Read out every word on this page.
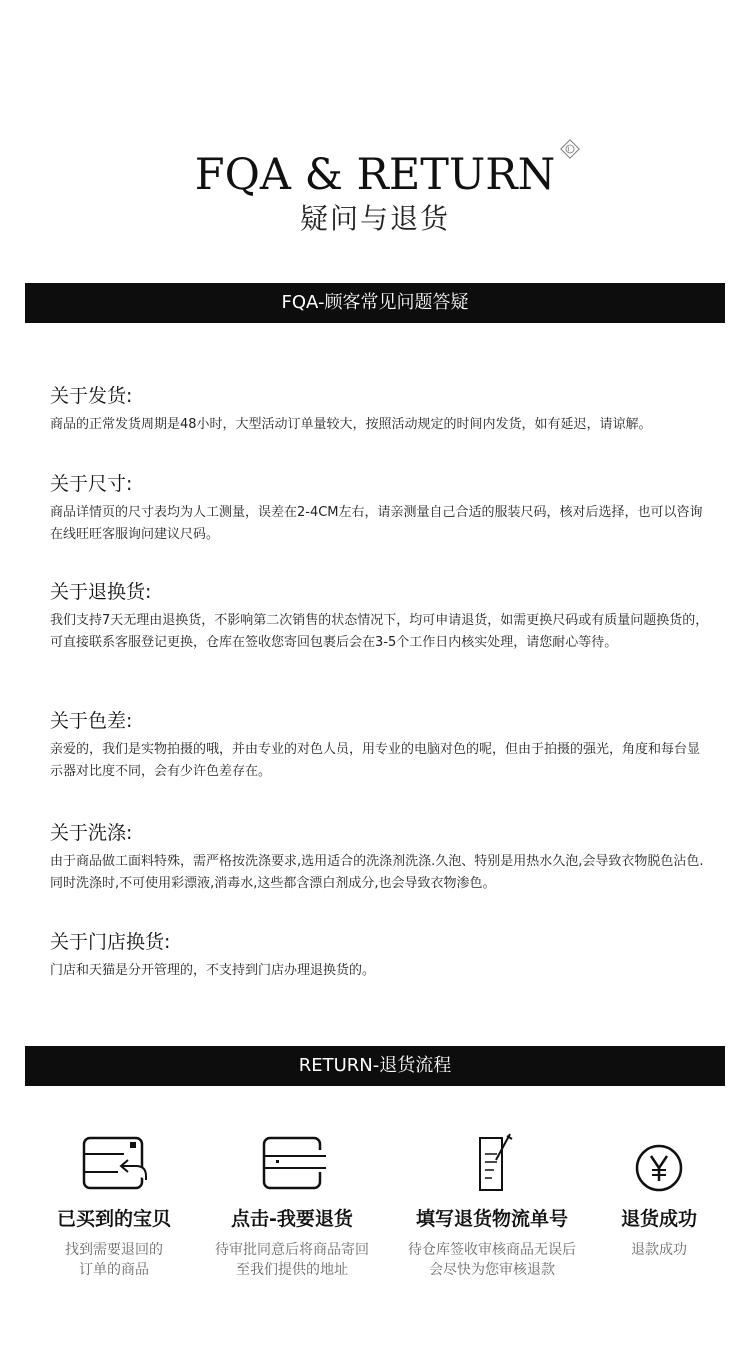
FQA & RETURN
疑问与退货
FQA-顾客常见问题答疑
关于发货:
商品的正常发货周期是48小时，大型活动订单量较大，按照活动规定的时间内发货，如有延迟，请谅解。
关于尺寸:
商品详情页的尺寸表均为人工测量，误差在2-4CM左右，请亲测量自己合适的服装尺码，核对后选择，也可以咨询在线旺旺客服询问建议尺码。
关于退换货:
我们支持7天无理由退换货，不影响第二次销售的状态情况下，均可申请退货，如需更换尺码或有质量问题换货的，可直接联系客服登记更换，仓库在签收您寄回包裹后会在3-5个工作日内核实处理，请您耐心等待。
关于色差:
亲爱的，我们是实物拍摄的哦，并由专业的对色人员，用专业的电脑对色的呢，但由于拍摄的强光，角度和每台显示器对比度不同，会有少许色差存在。
关于洗涤:
由于商品做工面料特殊，需严格按洗涤要求,选用适合的洗涤剂洗涤.久泡、特别是用热水久泡,会导致衣物脱色沾色.同时洗涤时,不可使用彩漂液,消毒水,这些都含漂白剂成分,也会导致衣物渗色。
关于门店换货:
门店和天猫是分开管理的，不支持到门店办理退换货的。
RETURN-退货流程
已买到的宝贝
找到需要退回的
订单的商品
点击-我要退货
待审批同意后将商品寄回
至我们提供的地址
填写退货物流单号
待仓库签收审核商品无误后
会尽快为您审核退款
退货成功
退款成功
